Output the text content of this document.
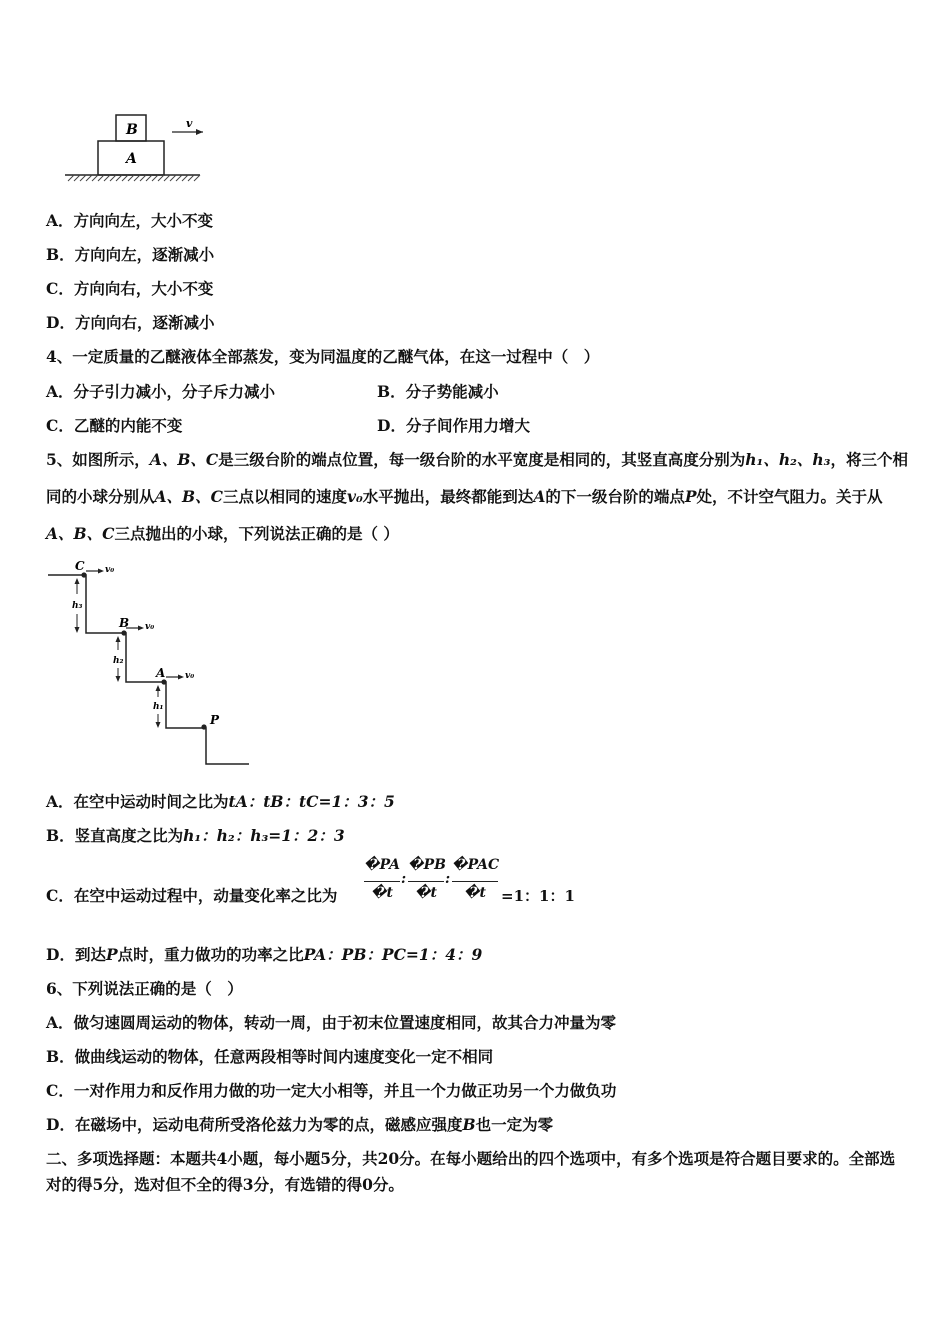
B
A
v
A．方向向左，大小不变
B．方向向左，逐渐减小
C．方向向右，大小不变
D．方向向右，逐渐减小
4、一定质量的乙醚液体全部蒸发，变为同温度的乙醚气体，在这一过程中（　）
A．分子引力减小，分子斥力减小	B．分子势能减小
C．乙醚的内能不变	D．分子间作用力增大
5、如图所示，A、B、C是三级台阶的端点位置，每一级台阶的水平宽度是相同的，其竖直高度分别为h₁、h₂、h₃，将三个相同的小球分别从A、B、C三点以相同的速度v₀水平抛出，最终都能到达A的下一级台阶的端点P处，不计空气阻力。关于从A、B、C三点抛出的小球，下列说法正确的是（ ）
C
B
A
P
v₀
v₀
v₀
h₃
h₂
h₁
A．在空中运动时间之比为tA：tB：tC=1：3：5
B．竖直高度之比为h₁：h₂：h₃=1：2：3
C．在空中运动过程中，动量变化率之比为
�PA
�t
:
�PB
�t
:
�PAC
�t =1：1：1
D．到达P点时，重力做功的功率之比PA：PB：PC=1：4：9
6、下列说法正确的是（　）
A．做匀速圆周运动的物体，转动一周，由于初末位置速度相同，故其合力冲量为零
B．做曲线运动的物体，任意两段相等时间内速度变化一定不相同
C．一对作用力和反作用力做的功一定大小相等，并且一个力做正功另一个力做负功
D．在磁场中，运动电荷所受洛伦兹力为零的点，磁感应强度B也一定为零
二、多项选择题：本题共4小题，每小题5分，共20分。在每小题给出的四个选项中，有多个选项是符合题目要求的。全部选对的得5分，选对但不全的得3分，有选错的得0分。
